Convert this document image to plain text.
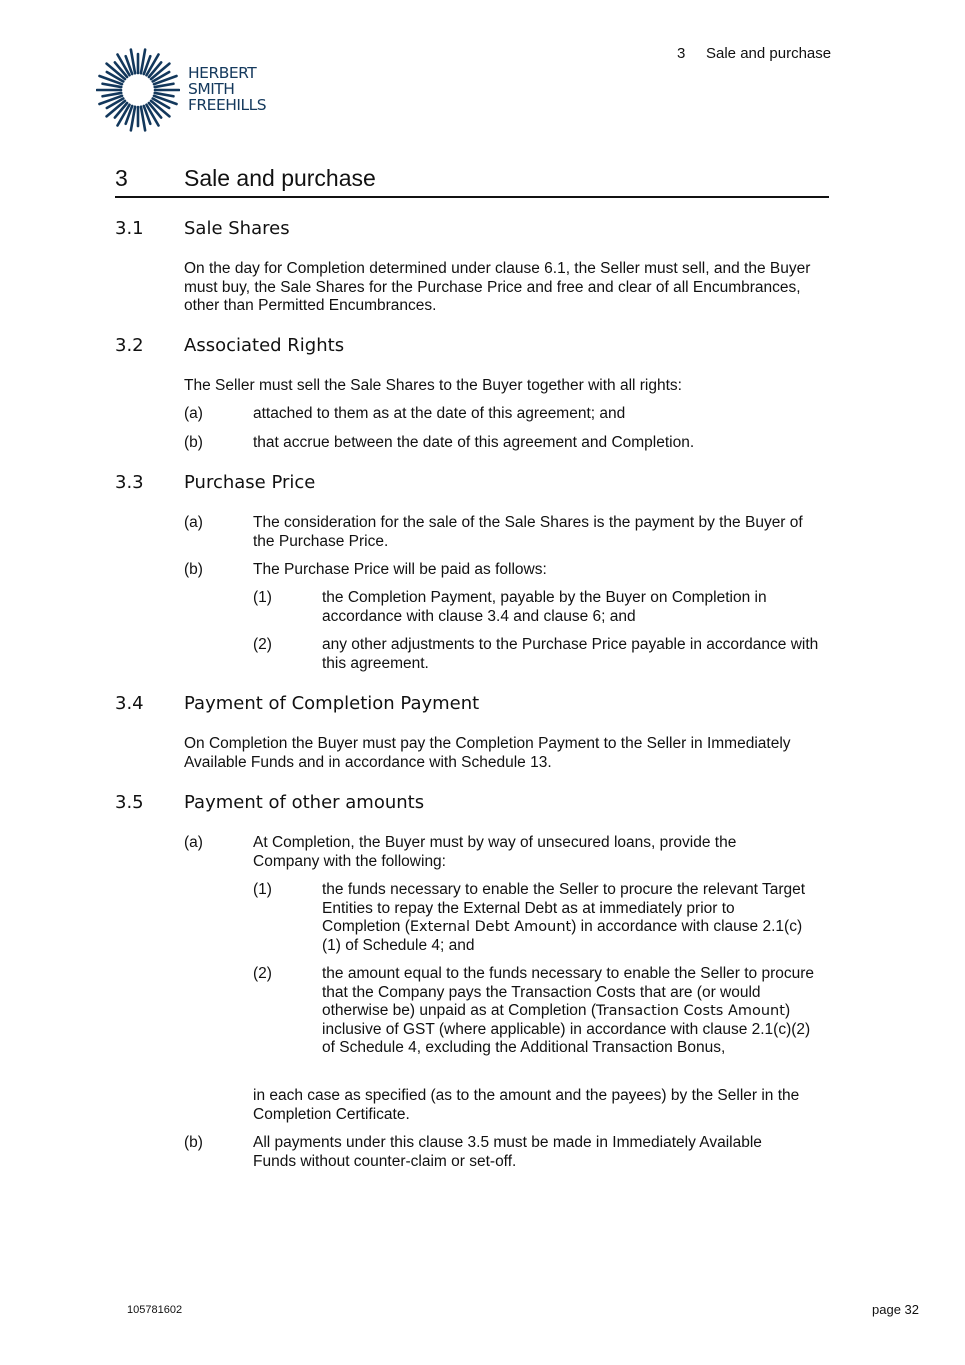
HERBERT
SMITH
FREEHILLS
3 Sale and purchase
3 Sale and purchase
3.1 Sale Shares
On the day for Completion determined under clause 6.1, the Seller must sell, and the Buyer must buy, the Sale Shares for the Purchase Price and free and clear of all Encumbrances, other than Permitted Encumbrances.
3.2 Associated Rights
The Seller must sell the Sale Shares to the Buyer together with all rights:
(a)	attached to them as at the date of this agreement; and
(b)	that accrue between the date of this agreement and Completion.
3.3 Purchase Price
(a)	The consideration for the sale of the Sale Shares is the payment by the Buyer of the Purchase Price.
(b)	The Purchase Price will be paid as follows:
(1)	the Completion Payment, payable by the Buyer on Completion in accordance with clause 3.4 and clause 6; and
(2)	any other adjustments to the Purchase Price payable in accordance with this agreement.
3.4 Payment of Completion Payment
On Completion the Buyer must pay the Completion Payment to the Seller in Immediately Available Funds and in accordance with Schedule 13.
3.5 Payment of other amounts
(a)	At Completion, the Buyer must by way of unsecured loans, provide the Company with the following:
(1)	the funds necessary to enable the Seller to procure the relevant Target Entities to repay the External Debt as at immediately prior to Completion (External Debt Amount) in accordance with clause 2.1(c)(1) of Schedule 4; and
(2)	the amount equal to the funds necessary to enable the Seller to procure that the Company pays the Transaction Costs that are (or would otherwise be) unpaid as at Completion (Transaction Costs Amount) inclusive of GST (where applicable) in accordance with clause 2.1(c)(2) of Schedule 4, excluding the Additional Transaction Bonus,
in each case as specified (as to the amount and the payees) by the Seller in the Completion Certificate.
(b)	All payments under this clause 3.5 must be made in Immediately Available Funds without counter-claim or set-off.
105781602	page 32
